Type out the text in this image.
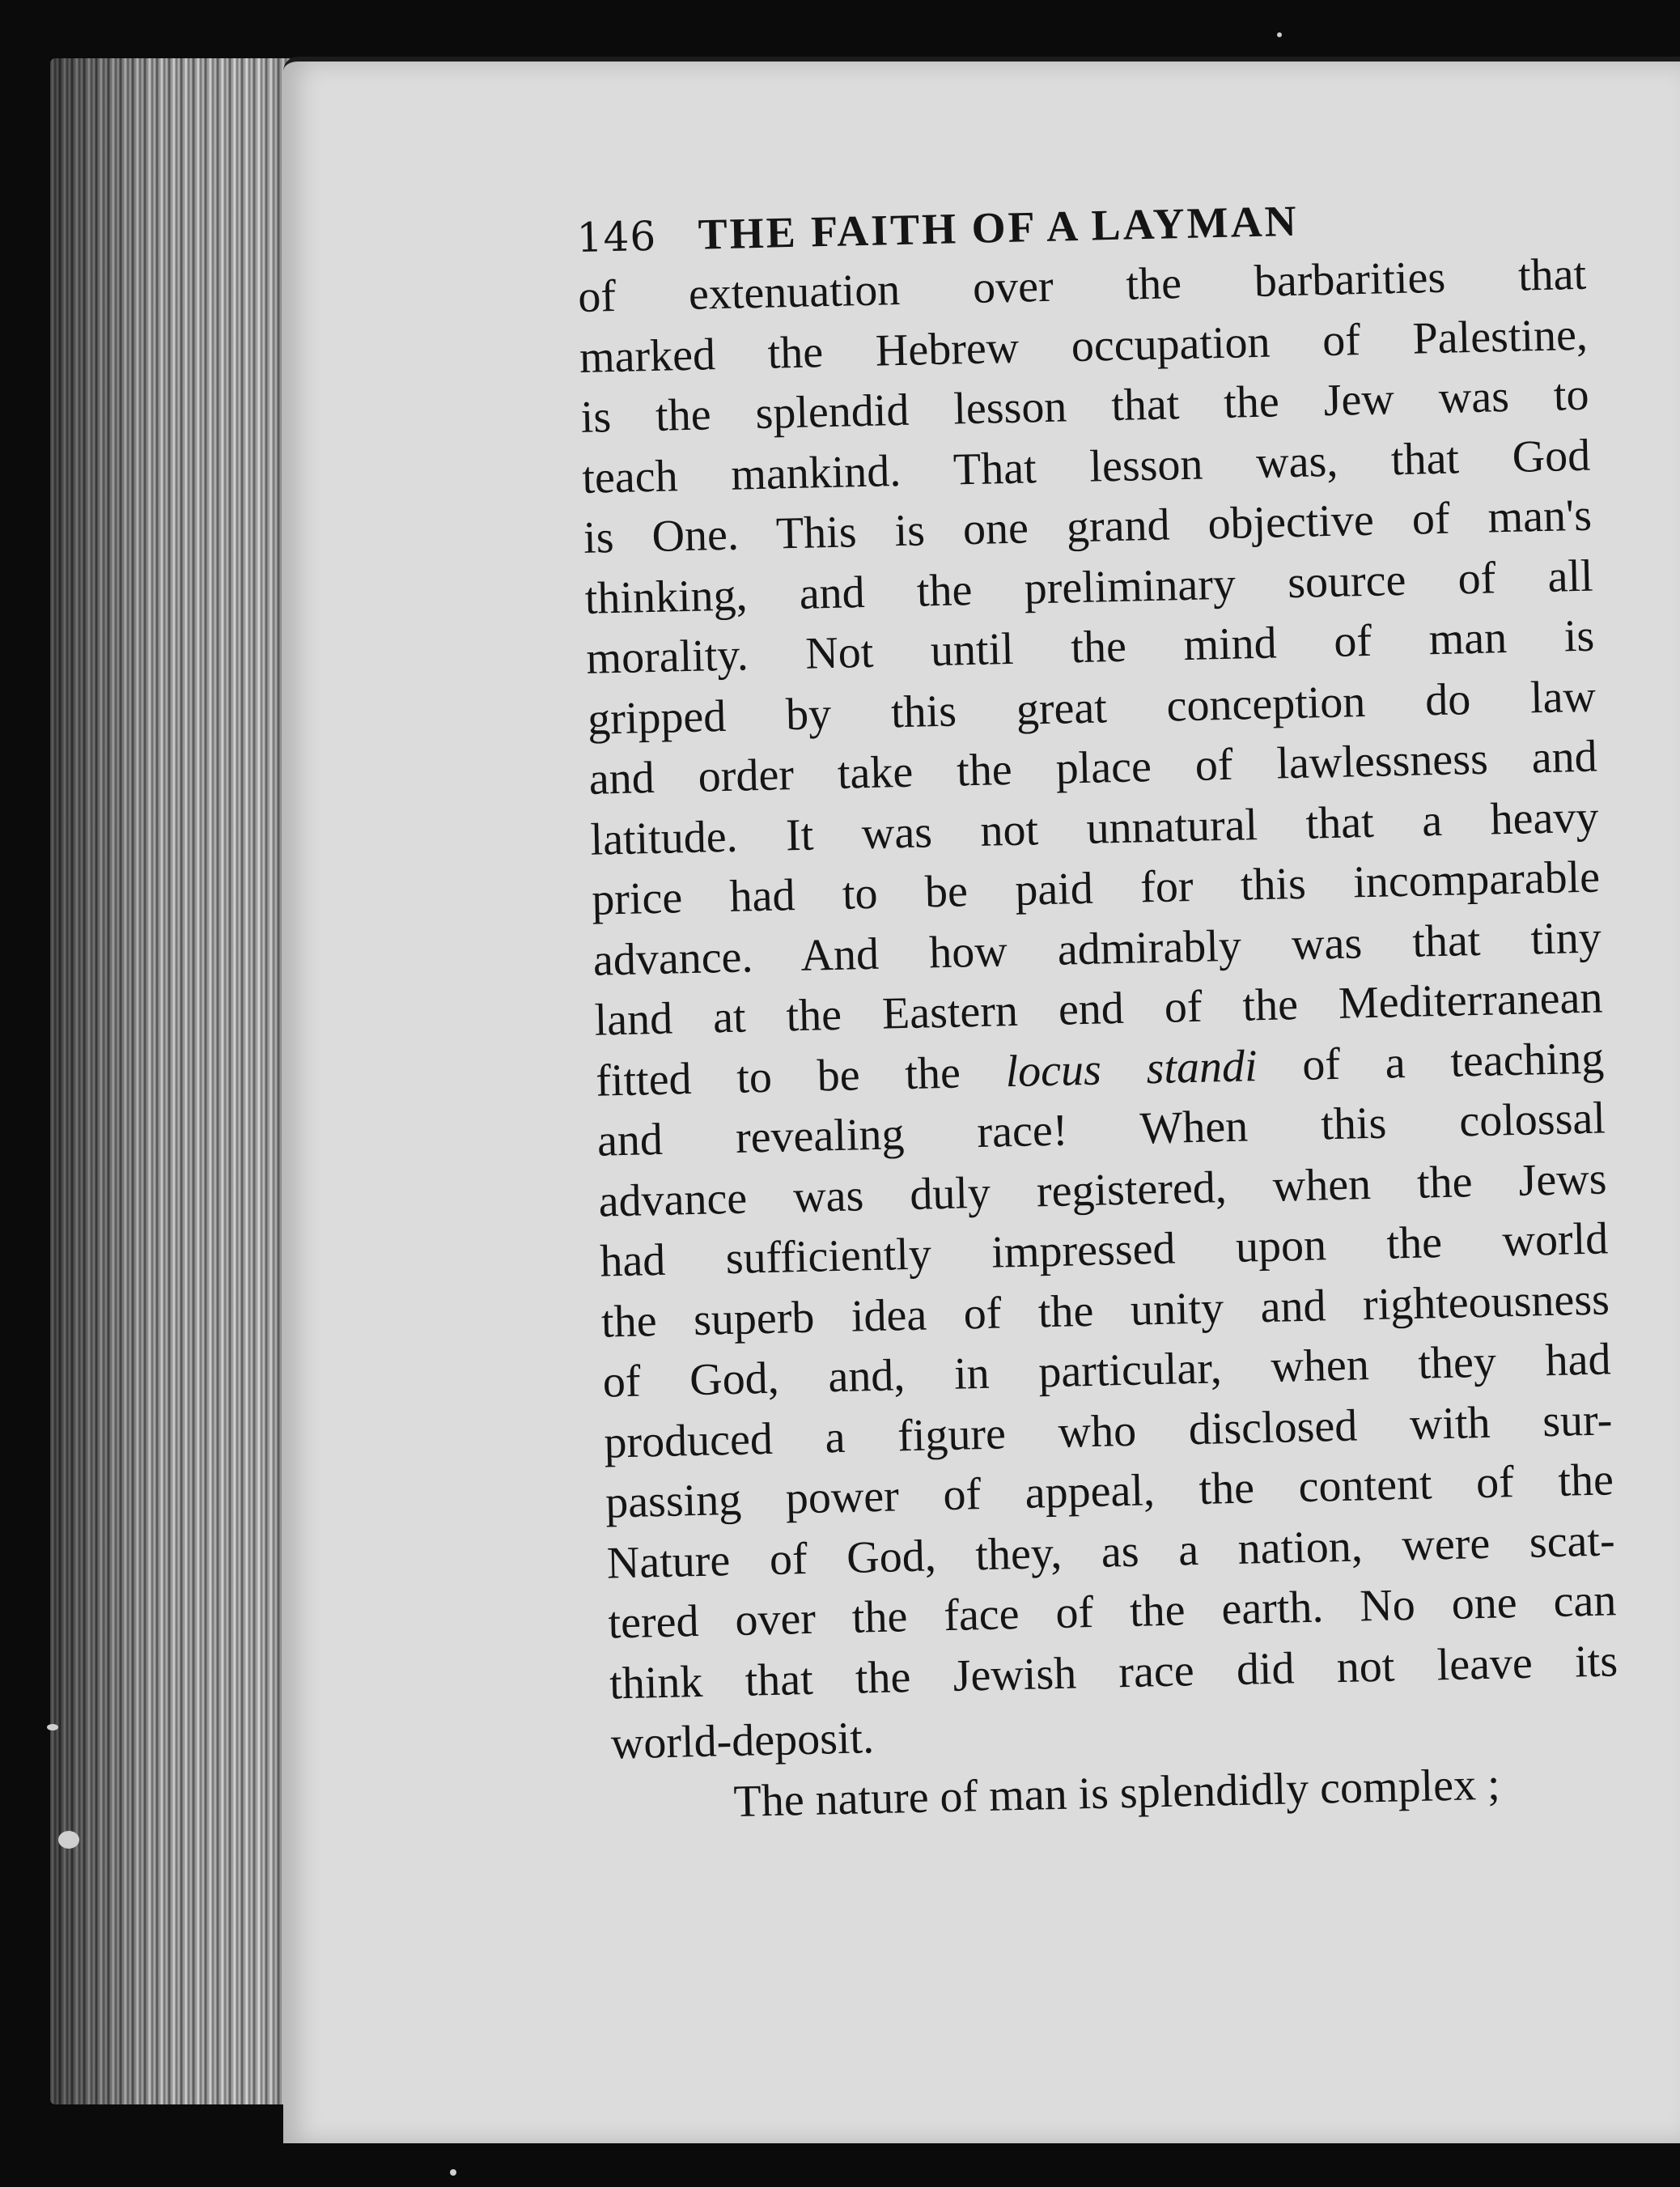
146 THE FAITH OF A LAYMAN

of extenuation over the barbarities that
marked the Hebrew occupation of Palestine,
is the splendid lesson that the Jew was to
teach mankind. That lesson was, that God
is One. This is one grand objective of man's
thinking, and the preliminary source of all
morality. Not until the mind of man is
gripped by this great conception do law
and order take the place of lawlessness and
latitude. It was not unnatural that a heavy
price had to be paid for this incomparable
advance. And how admirably was that tiny
land at the Eastern end of the Mediterranean
fitted to be the locus standi of a teaching
and revealing race! When this colossal
advance was duly registered, when the Jews
had sufficiently impressed upon the world
the superb idea of the unity and righteousness
of God, and, in particular, when they had
produced a figure who disclosed with sur-
passing power of appeal, the content of the
Nature of God, they, as a nation, were scat-
tered over the face of the earth. No one can
think that the Jewish race did not leave its
world-deposit.
The nature of man is splendidly complex ;
